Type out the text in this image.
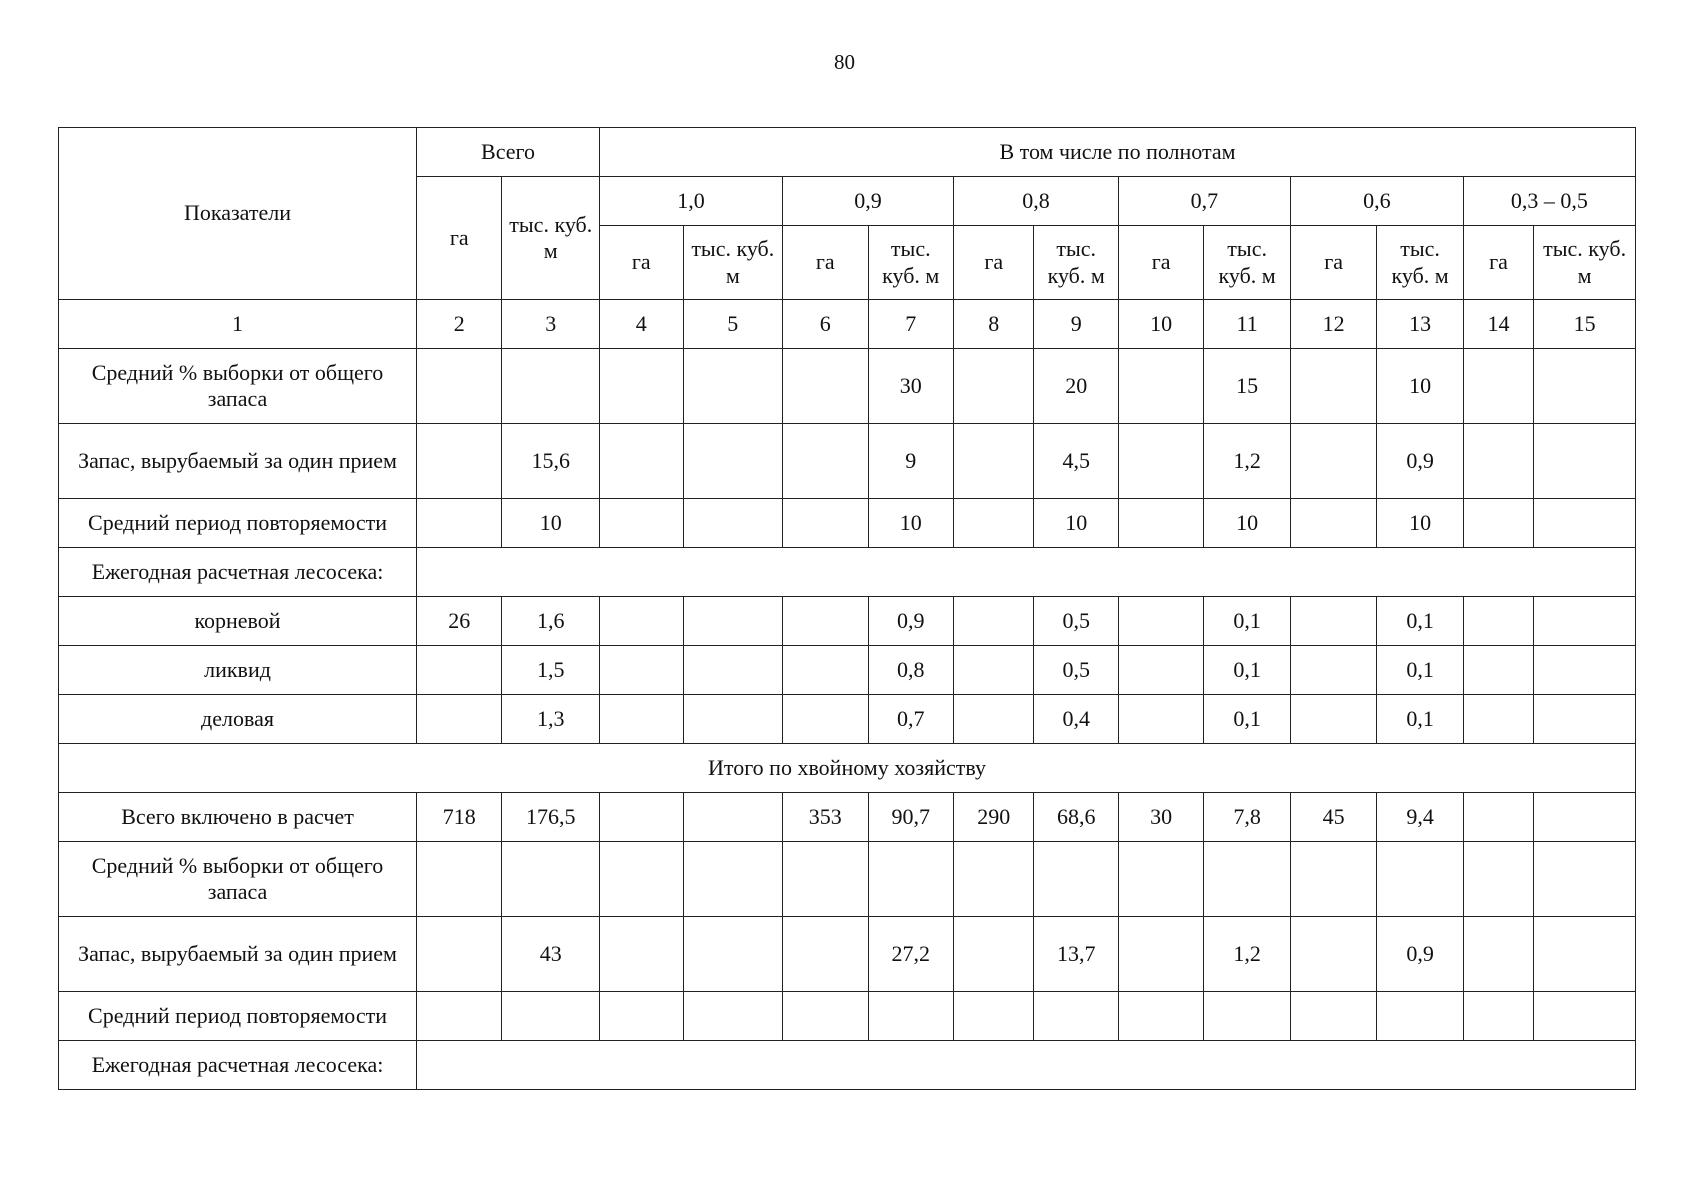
80
Показатели	Всего		В том числе по полнотам											
	га	тыс. куб. м	1,0		0,9		0,8		0,7		0,6		0,3 – 0,5	
			га	тыс. куб. м	га	тыс. куб. м	га	тыс. куб. м	га	тыс. куб. м	га	тыс. куб. м	га	тыс. куб. м
1	2	3	4	5	6	7	8	9	10	11	12	13	14	15
Средний % выборки от общего запаса						30		20		15		10		
Запас, вырубаемый за один прием		15,6				9		4,5		1,2		0,9		
Средний период повторяемости		10				10		10		10		10		
Ежегодная расчетная лесосека:														
корневой	26	1,6				0,9		0,5		0,1		0,1		
ликвид		1,5				0,8		0,5		0,1		0,1		
деловая		1,3				0,7		0,4		0,1		0,1		
Итого по хвойному хозяйству														
Всего включено в расчет	718	176,5			353	90,7	290	68,6	30	7,8	45	9,4		
Средний % выборки от общего запаса														
Запас, вырубаемый за один прием		43				27,2		13,7		1,2		0,9		
Средний период повторяемости														
Ежегодная расчетная лесосека:														
